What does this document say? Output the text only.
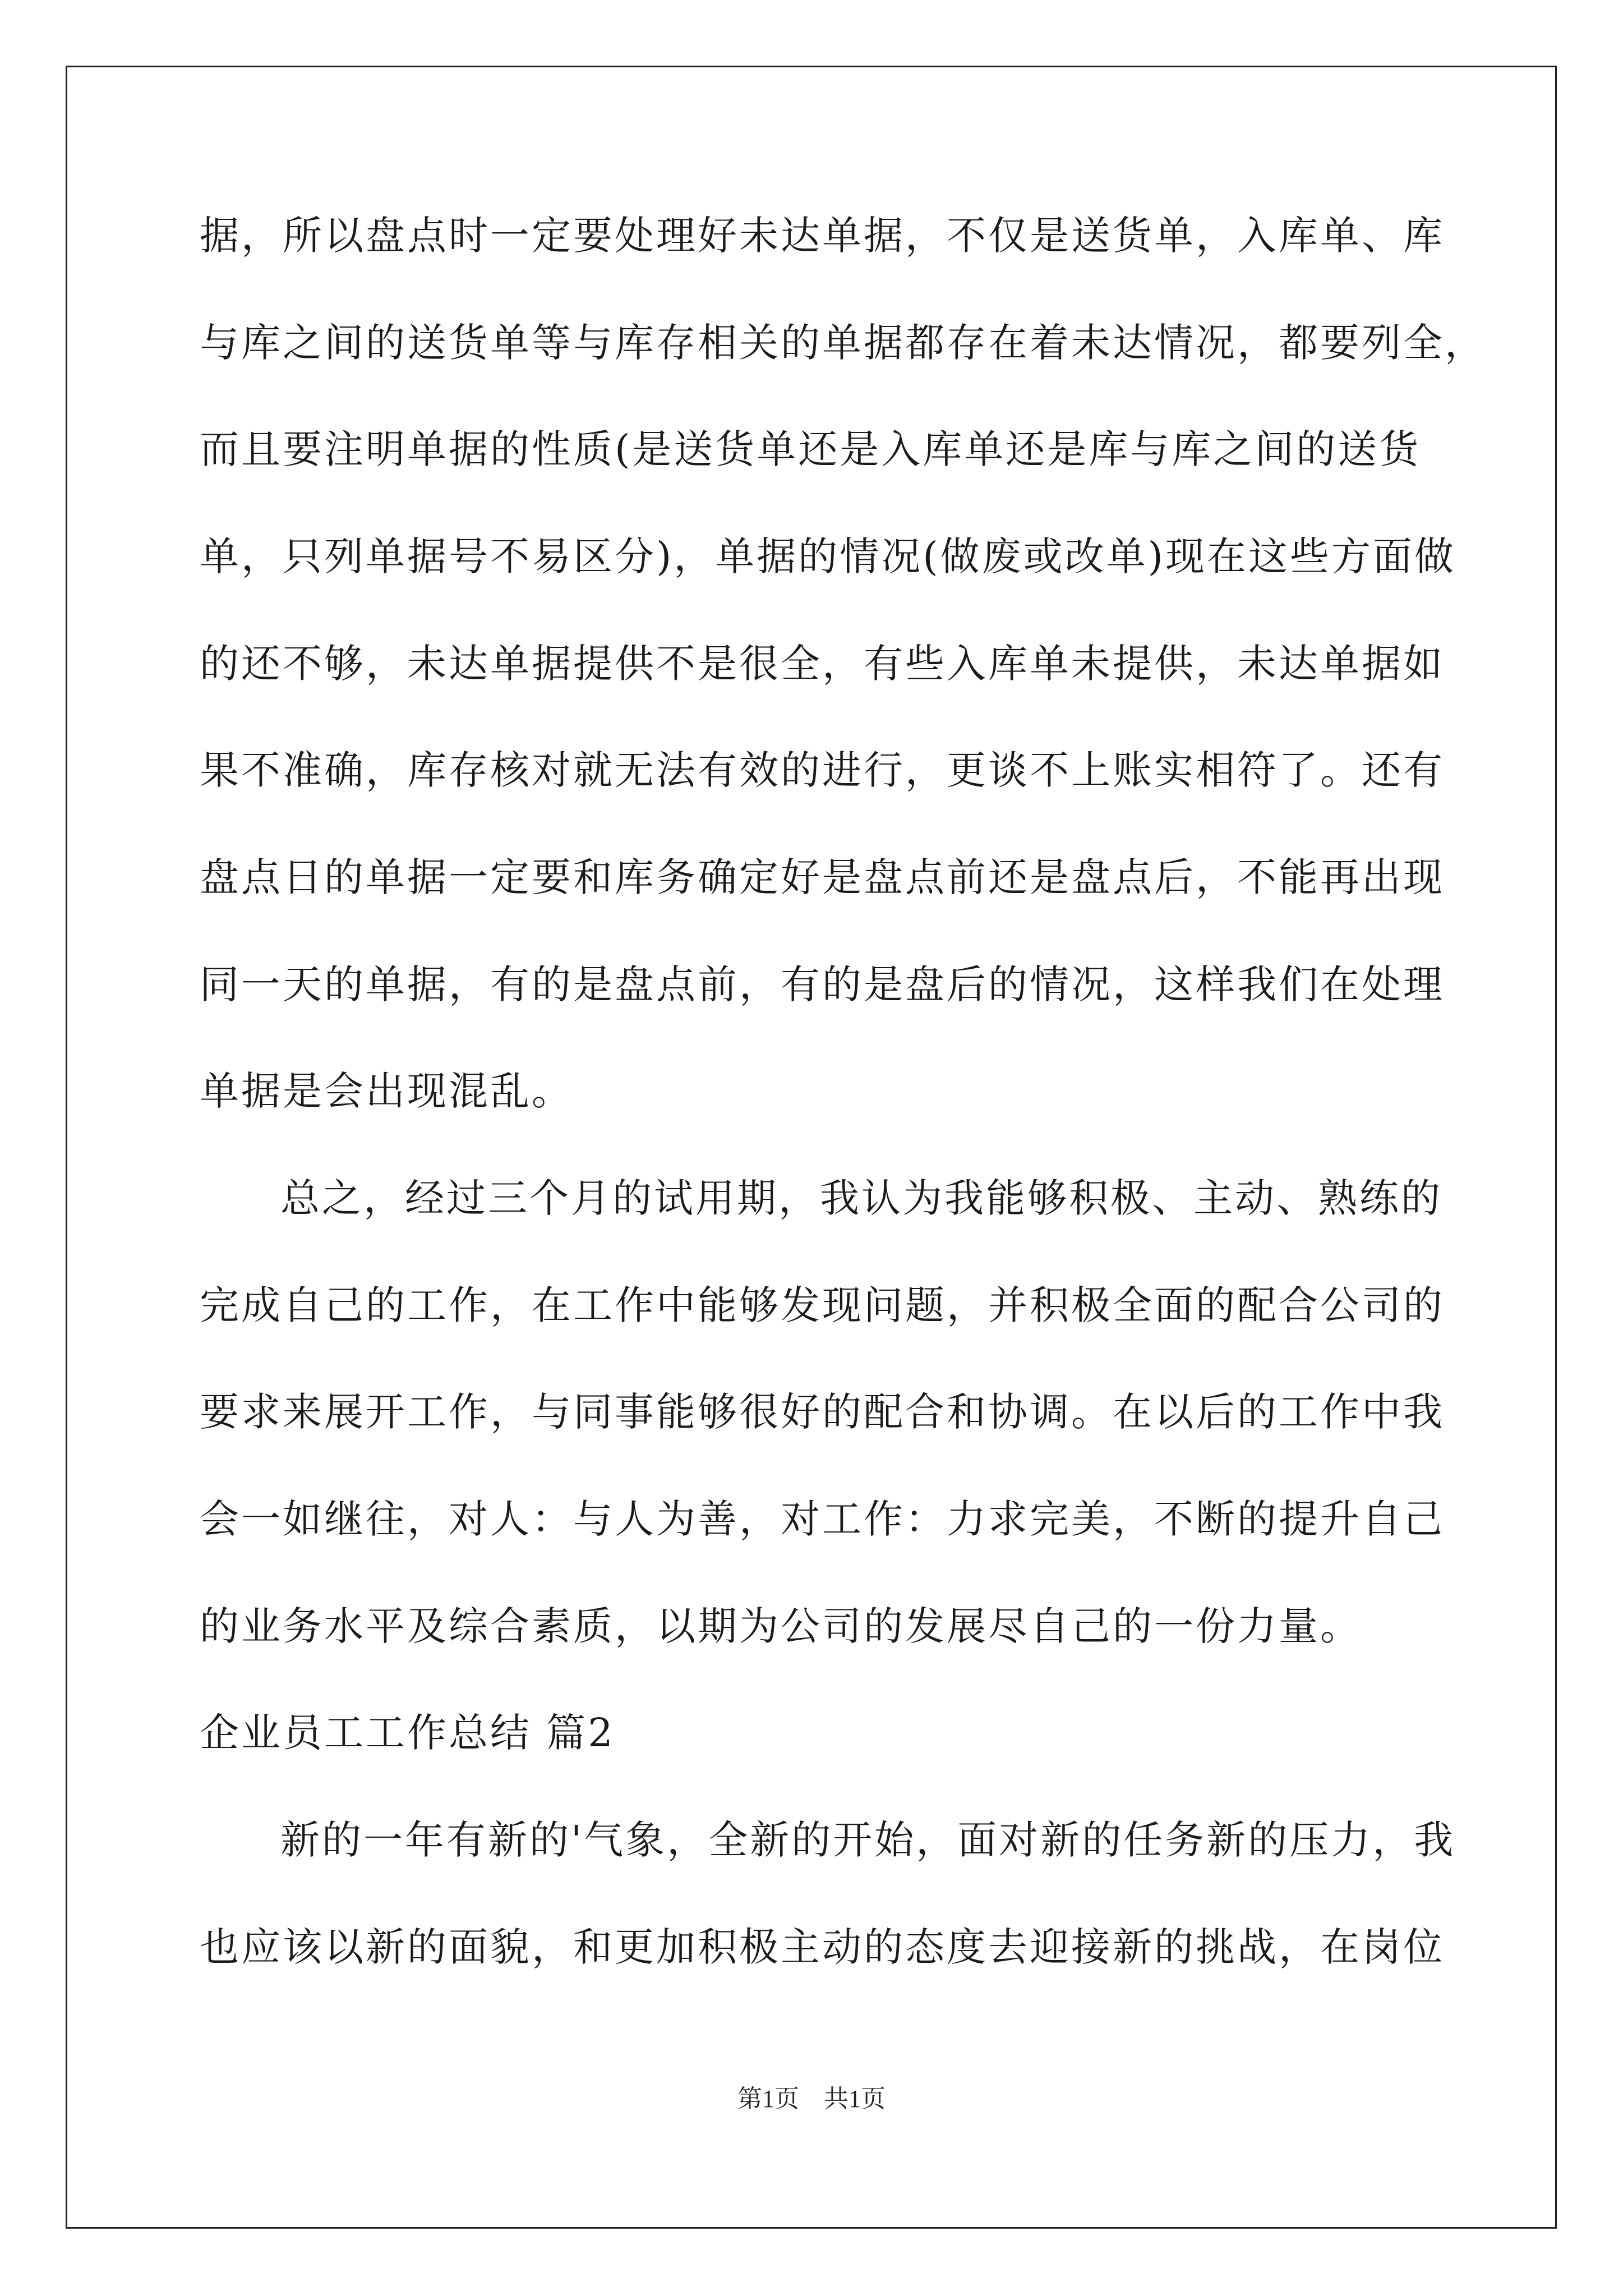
据，所以盘点时一定要处理好未达单据，不仅是送货单，入库单、库
与库之间的送货单等与库存相关的单据都存在着未达情况，都要列全，
而且要注明单据的性质(是送货单还是入库单还是库与库之间的送货
单，只列单据号不易区分)，单据的情况(做废或改单)现在这些方面做
的还不够，未达单据提供不是很全，有些入库单未提供，未达单据如
果不准确，库存核对就无法有效的进行，更谈不上账实相符了。还有
盘点日的单据一定要和库务确定好是盘点前还是盘点后，不能再出现
同一天的单据，有的是盘点前，有的是盘后的情况，这样我们在处理
单据是会出现混乱。
总之，经过三个月的试用期，我认为我能够积极、主动、熟练的
完成自己的工作，在工作中能够发现问题，并积极全面的配合公司的
要求来展开工作，与同事能够很好的配合和协调。在以后的工作中我
会一如继往，对人：与人为善，对工作：力求完美，不断的提升自己
的业务水平及综合素质，以期为公司的发展尽自己的一份力量。
企业员工工作总结 篇2
新的一年有新的'气象，全新的开始，面对新的任务新的压力，我
也应该以新的面貌，和更加积极主动的态度去迎接新的挑战，在岗位
第1页　共1页
